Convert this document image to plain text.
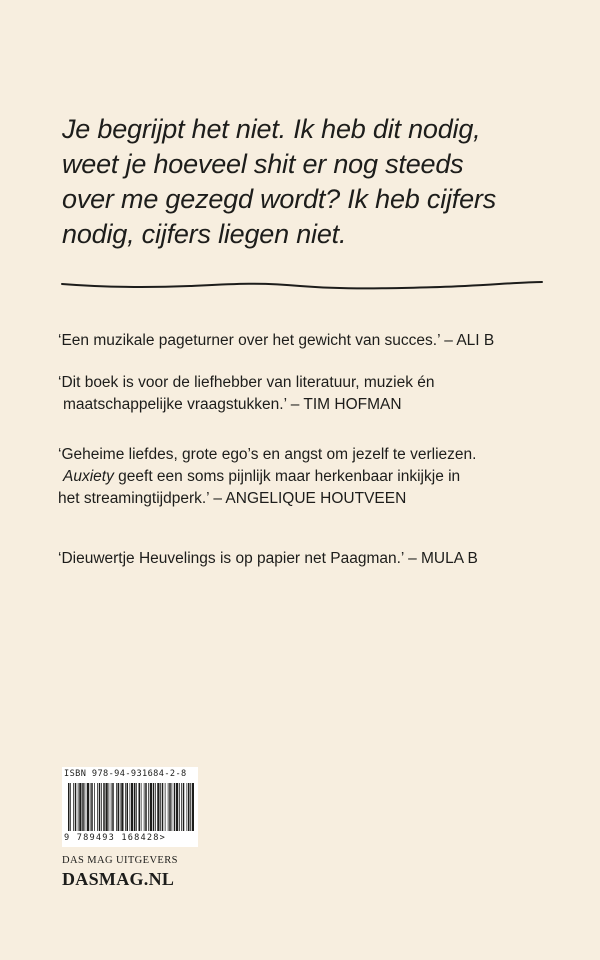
Je begrijpt het niet. Ik heb dit nodig,
weet je hoeveel shit er nog steeds
over me gezegd wordt? Ik heb cijfers
nodig, cijfers liegen niet.
‘Een muzikale pageturner over het gewicht van succes.’ – ALI B
‘Dit boek is voor de liefhebber van literatuur, muziek én
maatschappelijke vraagstukken.’ – TIM HOFMAN
‘Geheime liefdes, grote ego’s en angst om jezelf te verliezen.
Auxiety geeft een soms pijnlijk maar herkenbaar inkijkje in
het streamingtijdperk.’ – ANGELIQUE HOUTVEEN
‘Dieuwertje Heuvelings is op papier net Paagman.’ – MULA B
ISBN 978-94-931684-2-8
9 789493 168428>
DAS MAG UITGEVERS
DASMAG.NL
